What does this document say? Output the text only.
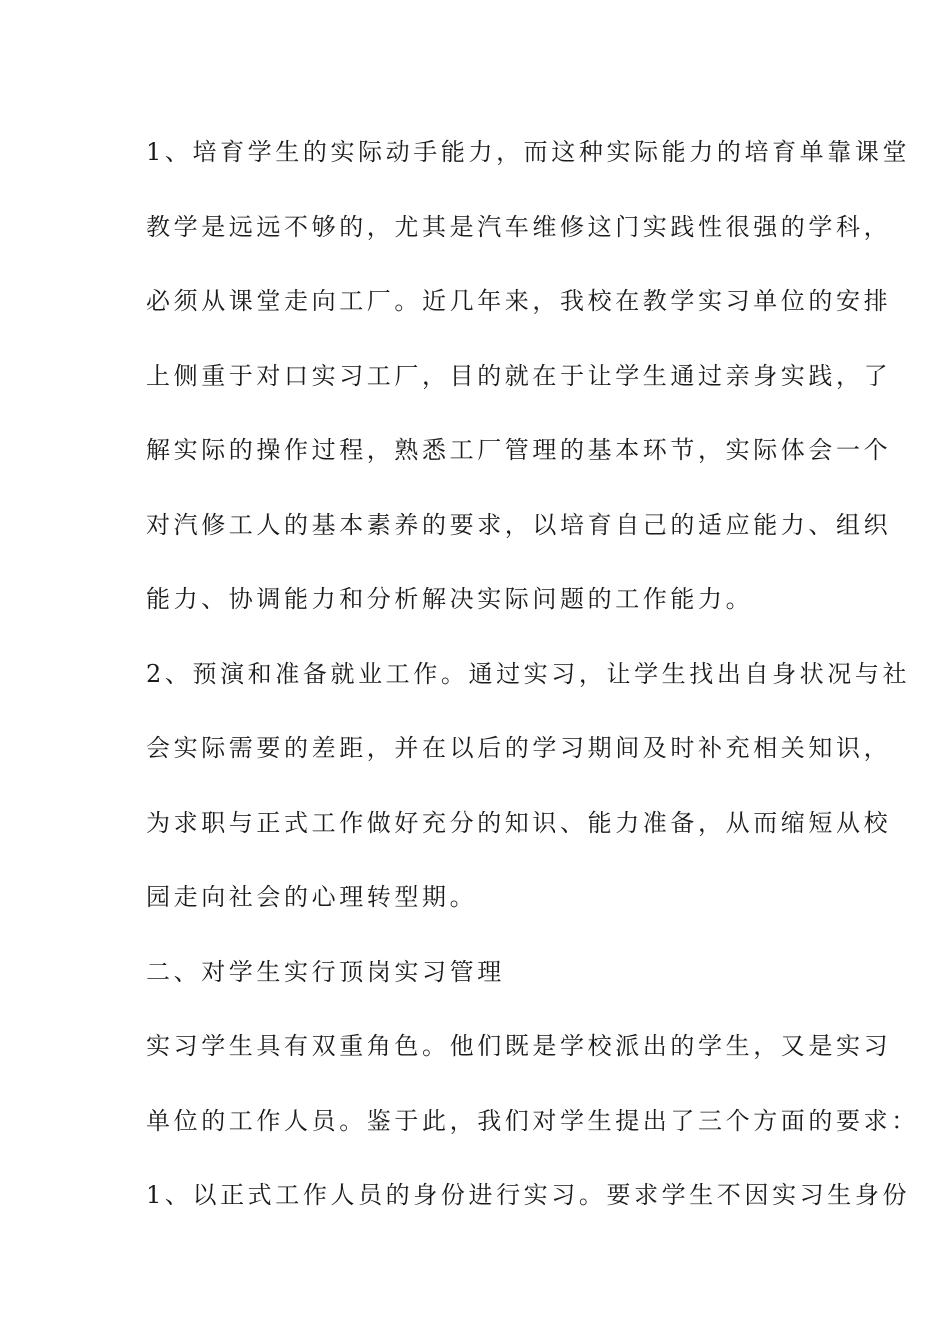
1、培育学生的实际动手能力，而这种实际能力的培育单靠课堂
教学是远远不够的，尤其是汽车维修这门实践性很强的学科，
必须从课堂走向工厂。近几年来，我校在教学实习单位的安排
上侧重于对口实习工厂，目的就在于让学生通过亲身实践，了
解实际的操作过程，熟悉工厂管理的基本环节，实际体会一个
对汽修工人的基本素养的要求，以培育自己的适应能力、组织
能力、协调能力和分析解决实际问题的工作能力。
2、预演和准备就业工作。通过实习，让学生找出自身状况与社
会实际需要的差距，并在以后的学习期间及时补充相关知识，
为求职与正式工作做好充分的知识、能力准备，从而缩短从校
园走向社会的心理转型期。
二、对学生实行顶岗实习管理
实习学生具有双重角色。他们既是学校派出的学生，又是实习
单位的工作人员。鉴于此，我们对学生提出了三个方面的要求：
1、以正式工作人员的身份进行实习。要求学生不因实习生身份
